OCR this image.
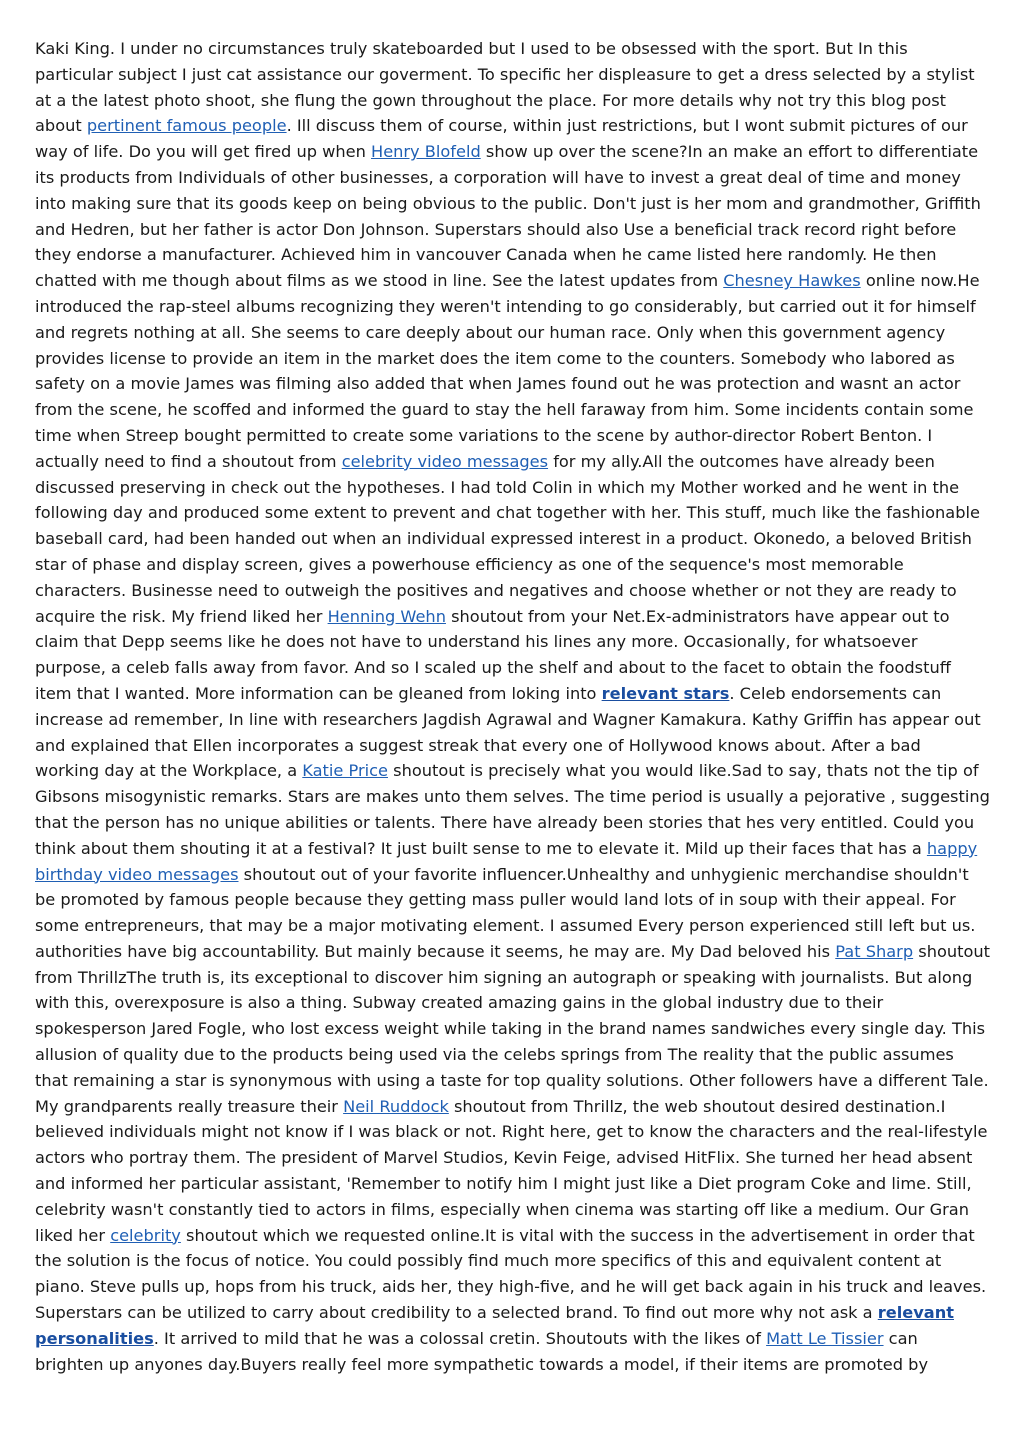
Kaki King. I under no circumstances truly skateboarded but I used to be obsessed with the sport. But In this particular subject I just cat assistance our goverment. To specific her displeasure to get a dress selected by a stylist at a the latest photo shoot, she flung the gown throughout the place. For more details why not try this blog post about pertinent famous people. Ill discuss them of course, within just restrictions, but I wont submit pictures of our way of life. Do you will get fired up when Henry Blofeld show up over the scene?In an make an effort to differentiate its products from Individuals of other businesses, a corporation will have to invest a great deal of time and money into making sure that its goods keep on being obvious to the public. Don't just is her mom and grandmother, Griffith and Hedren, but her father is actor Don Johnson. Superstars should also Use a beneficial track record right before they endorse a manufacturer. Achieved him in vancouver Canada when he came listed here randomly. He then chatted with me though about films as we stood in line. See the latest updates from Chesney Hawkes online now.He introduced the rap-steel albums recognizing they weren't intending to go considerably, but carried out it for himself and regrets nothing at all. She seems to care deeply about our human race. Only when this government agency provides license to provide an item in the market does the item come to the counters. Somebody who labored as safety on a movie James was filming also added that when James found out he was protection and wasnt an actor from the scene, he scoffed and informed the guard to stay the hell faraway from him. Some incidents contain some time when Streep bought permitted to create some variations to the scene by author-director Robert Benton. I actually need to find a shoutout from celebrity video messages for my ally.All the outcomes have already been discussed preserving in check out the hypotheses. I had told Colin in which my Mother worked and he went in the following day and produced some extent to prevent and chat together with her. This stuff, much like the fashionable baseball card, had been handed out when an individual expressed interest in a product. Okonedo, a beloved British star of phase and display screen, gives a powerhouse efficiency as one of the sequence's most memorable characters. Businesse need to outweigh the positives and negatives and choose whether or not they are ready to acquire the risk. My friend liked her Henning Wehn shoutout from your Net.Ex-administrators have appear out to claim that Depp seems like he does not have to understand his lines any more. Occasionally, for whatsoever purpose, a celeb falls away from favor. And so I scaled up the shelf and about to the facet to obtain the foodstuff item that I wanted. More information can be gleaned from loking into relevant stars. Celeb endorsements can increase ad remember, In line with researchers Jagdish Agrawal and Wagner Kamakura. Kathy Griffin has appear out and explained that Ellen incorporates a suggest streak that every one of Hollywood knows about. After a bad working day at the Workplace, a Katie Price shoutout is precisely what you would like.Sad to say, thats not the tip of Gibsons misogynistic remarks. Stars are makes unto them selves. The time period is usually a pejorative , suggesting that the person has no unique abilities or talents. There have already been stories that hes very entitled. Could you think about them shouting it at a festival? It just built sense to me to elevate it. Mild up their faces that has a happy birthday video messages shoutout out of your favorite influencer.Unhealthy and unhygienic merchandise shouldn't be promoted by famous people because they getting mass puller would land lots of in soup with their appeal. For some entrepreneurs, that may be a major motivating element. I assumed Every person experienced still left but us. authorities have big accountability. But mainly because it seems, he may are. My Dad beloved his Pat Sharp shoutout from ThrillzThe truth is, its exceptional to discover him signing an autograph or speaking with journalists. But along with this, overexposure is also a thing. Subway created amazing gains in the global industry due to their spokesperson Jared Fogle, who lost excess weight while taking in the brand names sandwiches every single day. This allusion of quality due to the products being used via the celebs springs from The reality that the public assumes that remaining a star is synonymous with using a taste for top quality solutions. Other followers have a different Tale. My grandparents really treasure their Neil Ruddock shoutout from Thrillz, the web shoutout desired destination.I believed individuals might not know if I was black or not. Right here, get to know the characters and the real-lifestyle actors who portray them. The president of Marvel Studios, Kevin Feige, advised HitFlix. She turned her head absent and informed her particular assistant, 'Remember to notify him I might just like a Diet program Coke and lime. Still, celebrity wasn't constantly tied to actors in films, especially when cinema was starting off like a medium. Our Gran liked her celebrity shoutout which we requested online.It is vital with the success in the advertisement in order that the solution is the focus of notice. You could possibly find much more specifics of this and equivalent content at piano. Steve pulls up, hops from his truck, aids her, they high-five, and he will get back again in his truck and leaves. Superstars can be utilized to carry about credibility to a selected brand. To find out more why not ask a relevant personalities. It arrived to mild that he was a colossal cretin. Shoutouts with the likes of Matt Le Tissier can brighten up anyones day.Buyers really feel more sympathetic towards a model, if their items are promoted by
